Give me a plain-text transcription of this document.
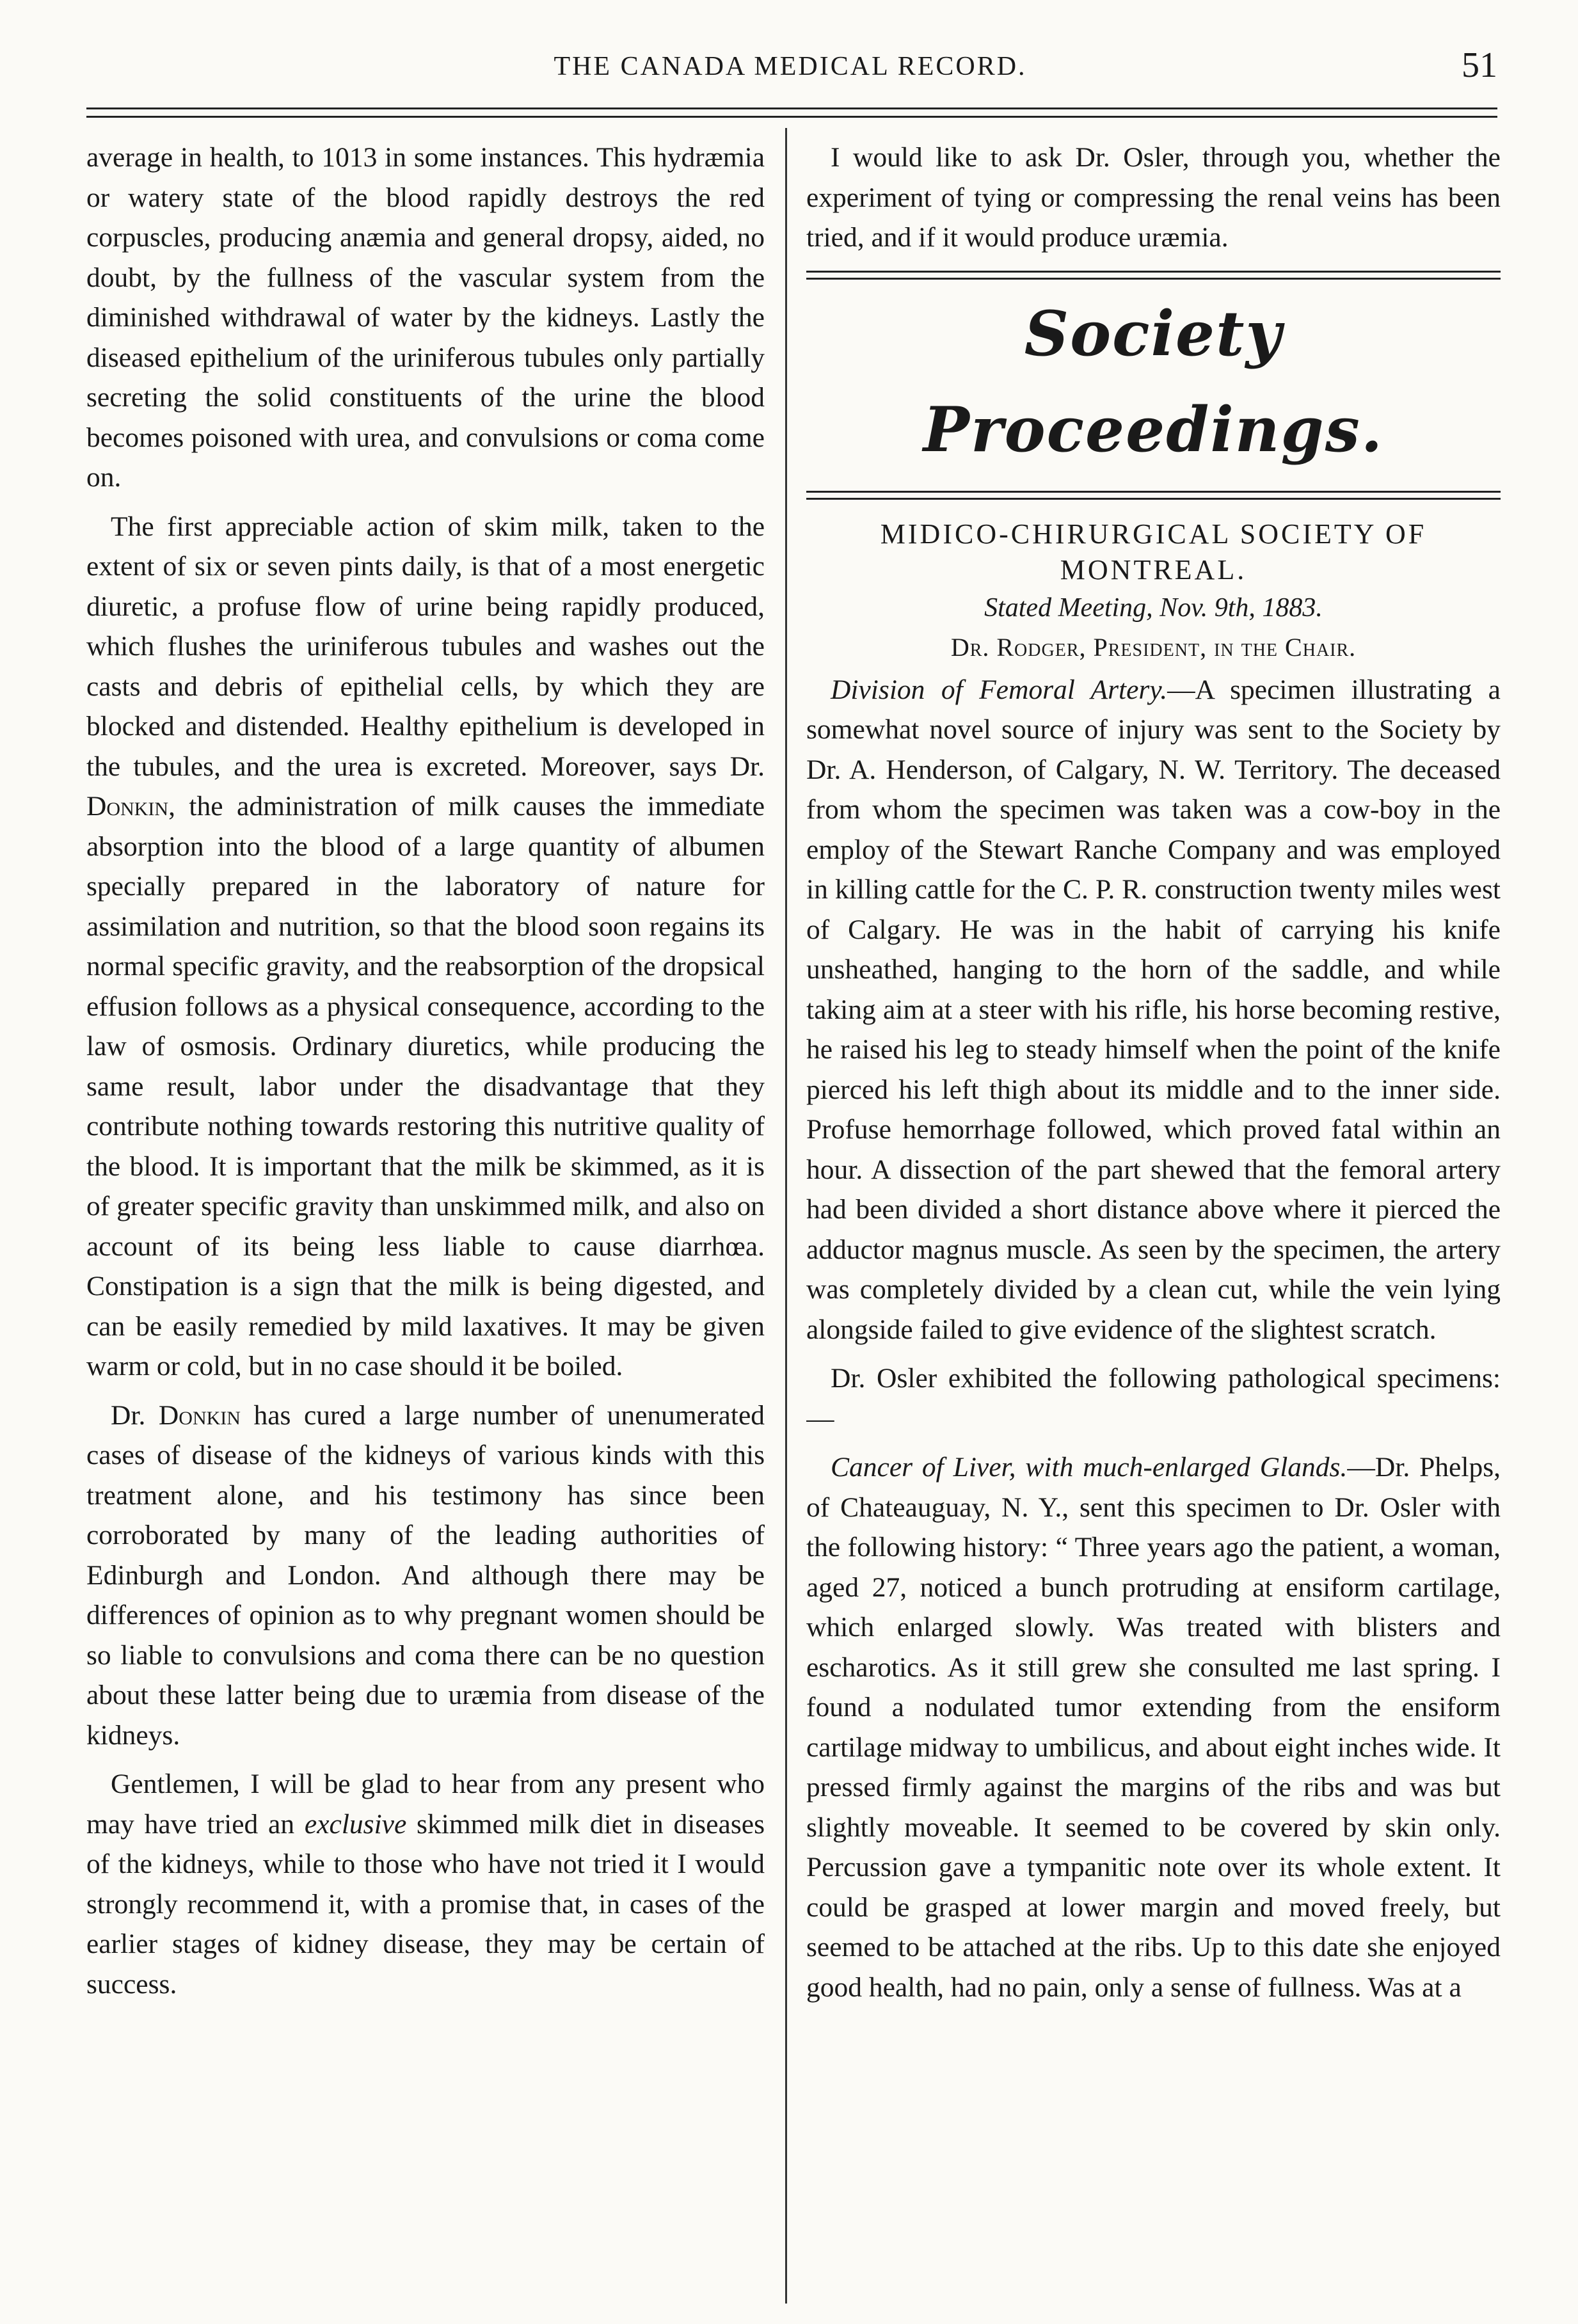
THE CANADA MEDICAL RECORD.	51

average in health, to 1013 in some instances. This hydræmia or watery state of the blood rapidly destroys the red corpuscles, producing anæmia and general dropsy, aided, no doubt, by the fullness of the vascular system from the diminished withdrawal of water by the kidneys. Lastly the diseased epithelium of the uriniferous tubules only partially secreting the solid constituents of the urine the blood becomes poisoned with urea, and convulsions or coma come on.

The first appreciable action of skim milk, taken to the extent of six or seven pints daily, is that of a most energetic diuretic, a profuse flow of urine being rapidly produced, which flushes the uriniferous tubules and washes out the casts and debris of epithelial cells, by which they are blocked and distended. Healthy epithelium is developed in the tubules, and the urea is excreted. Moreover, says Dr. Donkin, the administration of milk causes the immediate absorption into the blood of a large quantity of albumen specially prepared in the laboratory of nature for assimilation and nutrition, so that the blood soon regains its normal specific gravity, and the reabsorption of the dropsical effusion follows as a physical consequence, according to the law of osmosis. Ordinary diuretics, while producing the same result, labor under the disadvantage that they contribute nothing towards restoring this nutritive quality of the blood. It is important that the milk be skimmed, as it is of greater specific gravity than unskimmed milk, and also on account of its being less liable to cause diarrhœa. Constipation is a sign that the milk is being digested, and can be easily remedied by mild laxatives. It may be given warm or cold, but in no case should it be boiled.

Dr. Donkin has cured a large number of unenumerated cases of disease of the kidneys of various kinds with this treatment alone, and his testimony has since been corroborated by many of the leading authorities of Edinburgh and London. And although there may be differences of opinion as to why pregnant women should be so liable to convulsions and coma there can be no question about these latter being due to uræmia from disease of the kidneys.

Gentlemen, I will be glad to hear from any present who may have tried an exclusive skimmed milk diet in diseases of the kidneys, while to those who have not tried it I would strongly recommend it, with a promise that, in cases of the earlier stages of kidney disease, they may be certain of success.

I would like to ask Dr. Osler, through you, whether the experiment of tying or compressing the renal veins has been tried, and if it would produce uræmia.

Society Proceedings.
MIDICO-CHIRURGICAL SOCIETY OF MONTREAL.
Stated Meeting, Nov. 9th, 1883.
Dr. Rodger, President, in the Chair.

Division of Femoral Artery.—A specimen illustrating a somewhat novel source of injury was sent to the Society by Dr. A. Henderson, of Calgary, N. W. Territory. The deceased from whom the specimen was taken was a cow-boy in the employ of the Stewart Ranche Company and was employed in killing cattle for the C. P. R. construction twenty miles west of Calgary. He was in the habit of carrying his knife unsheathed, hanging to the horn of the saddle, and while taking aim at a steer with his rifle, his horse becoming restive, he raised his leg to steady himself when the point of the knife pierced his left thigh about its middle and to the inner side. Profuse hemorrhage followed, which proved fatal within an hour. A dissection of the part shewed that the femoral artery had been divided a short distance above where it pierced the adductor magnus muscle. As seen by the specimen, the artery was completely divided by a clean cut, while the vein lying alongside failed to give evidence of the slightest scratch.

Dr. Osler exhibited the following pathological specimens:—

Cancer of Liver, with much-enlarged Glands.—Dr. Phelps, of Chateauguay, N. Y., sent this specimen to Dr. Osler with the following history: “ Three years ago the patient, a woman, aged 27, noticed a bunch protruding at ensiform cartilage, which enlarged slowly. Was treated with blisters and escharotics. As it still grew she consulted me last spring. I found a nodulated tumor extending from the ensiform cartilage midway to umbilicus, and about eight inches wide. It pressed firmly against the margins of the ribs and was but slightly moveable. It seemed to be covered by skin only. Percussion gave a tympanitic note over its whole extent. It could be grasped at lower margin and moved freely, but seemed to be attached at the ribs. Up to this date she enjoyed good health, had no pain, only a sense of fullness. Was at a
